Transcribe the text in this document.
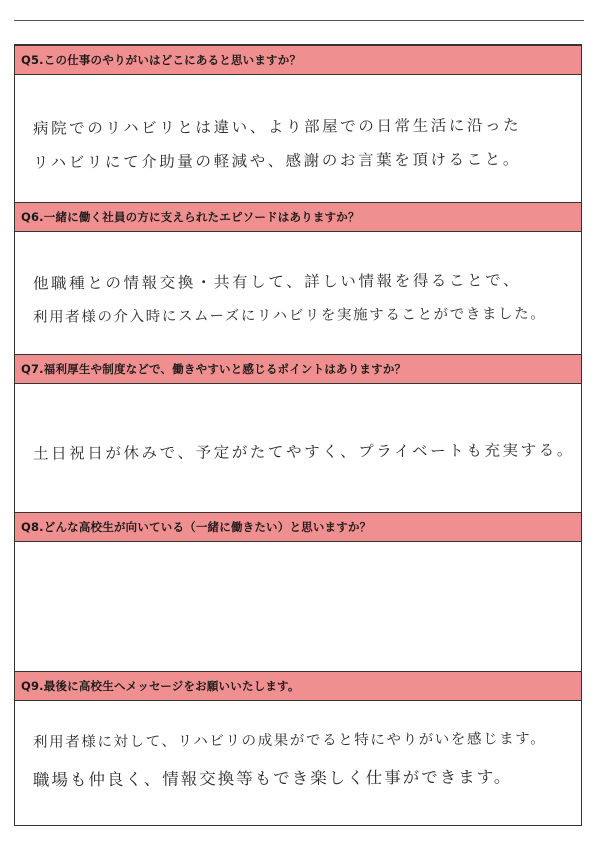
Q5.この仕事のやりがいはどこにあると思いますか？
病院でのリハビリとは違い、より部屋での日常生活に沿った
リハビリにて介助量の軽減や、感謝のお言葉を頂けること。
Q6.一緒に働く社員の方に支えられたエピソードはありますか？
他職種との情報交換・共有して、詳しい情報を得ることで、
利用者様の介入時にスムーズにリハビリを実施することができました。
Q7.福利厚生や制度などで、働きやすいと感じるポイントはありますか？
土日祝日が休みで、予定がたてやすく、プライベートも充実する。
Q8.どんな高校生が向いている（一緒に働きたい）と思いますか？
Q9.最後に高校生へメッセージをお願いいたします。
利用者様に対して、リハビリの成果がでると特にやりがいを感じます。
職場も仲良く、情報交換等もでき楽しく仕事ができます。
